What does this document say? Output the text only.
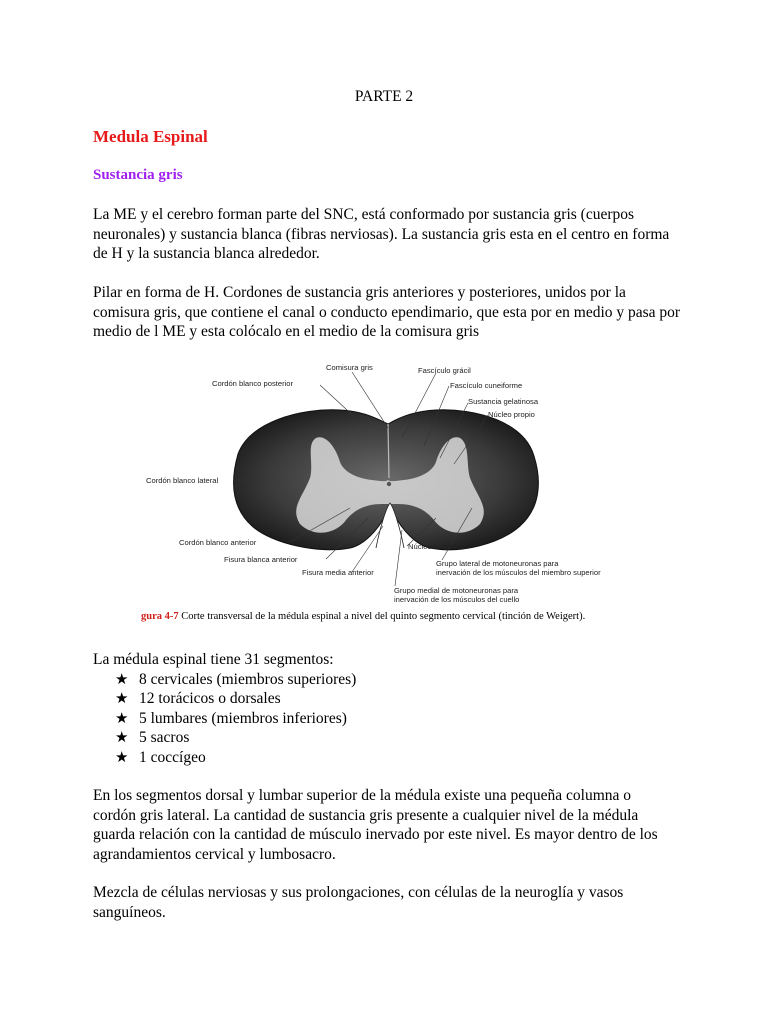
PARTE 2
Medula Espinal
Sustancia gris

La ME y el cerebro forman parte del SNC, está conformado por sustancia gris (cuerpos neuronales) y sustancia blanca (fibras nerviosas). La sustancia gris esta en el centro en forma de H y la sustancia blanca alrededor.

Pilar en forma de H. Cordones de sustancia gris anteriores y posteriores, unidos por la comisura gris, que contiene el canal o conducto ependimario, que esta por en medio y pasa por medio de l ME y esta colócalo en el medio de la comisura gris

Comisura gris	Fascículo grácil
Cordón blanco posterior	Fascículo cuneiforme
Sustancia gelatinosa
Núcleo propio
Cordón blanco lateral
Cordón blanco anterior	Núcleo accesorio
Fisura blanca anterior	Grupo lateral de motoneuronas para
inervación de los músculos del miembro superior
Fisura media anterior
Grupo medial de motoneuronas para
inervación de los músculos del cuello
gura 4-7 Corte transversal de la médula espinal a nivel del quinto segmento cervical (tinción de Weigert).

La médula espinal tiene 31 segmentos:

★ 8 cervicales (miembros superiores)
★ 12 torácicos o dorsales
★ 5 lumbares (miembros inferiores)
★ 5 sacros
★ 1 coccígeo

En los segmentos dorsal y lumbar superior de la médula existe una pequeña columna o cordón gris lateral. La cantidad de sustancia gris presente a cualquier nivel de la médula guarda relación con la cantidad de músculo inervado por este nivel. Es mayor dentro de los agrandamientos cervical y lumbosacro.

Mezcla de células nerviosas y sus prolongaciones, con células de la neuroglía y vasos sanguíneos.
